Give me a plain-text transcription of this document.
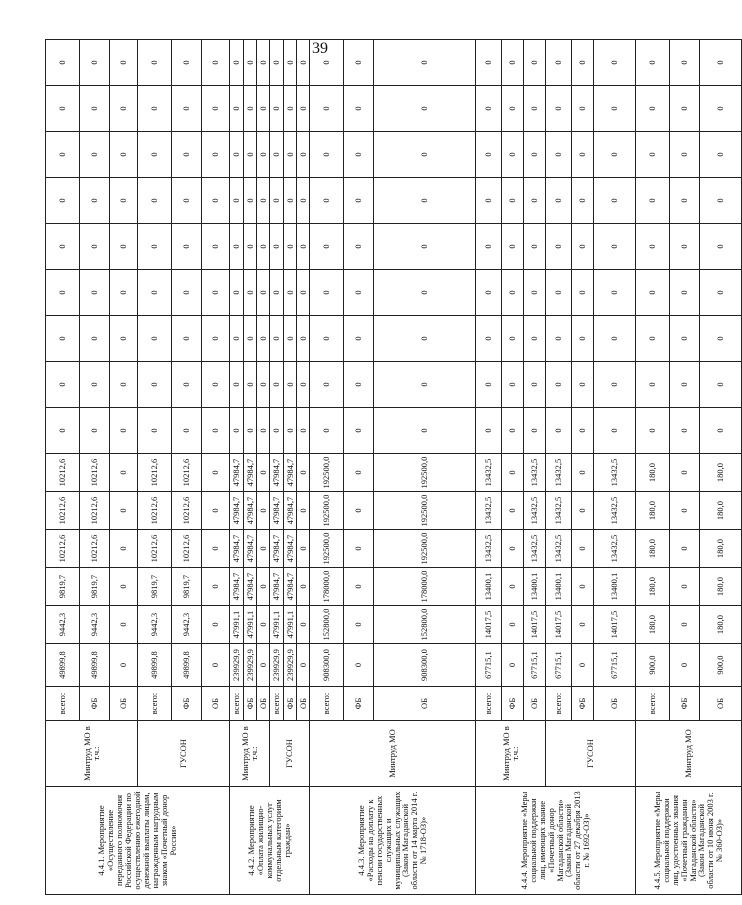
39
4.4.1. Мероприятие «Осуществление переданного полномочия Российской Федерации по осуществлению ежегодной денежной выплаты лицам, награжденным нагрудным знаком «Почетный донор России»	Минтруд МО в т.ч.:	всего:	49899,8	9442,3	9819,7	10212,6	10212,6	10212,6	0	0	0	0	0	0	0	0	0
		ФБ	49899,8	9442,3	9819,7	10212,6	10212,6	10212,6	0	0	0	0	0	0	0	0	0
		ОБ	0	0	0	0	0	0	0	0	0	0	0	0	0	0	0
	ГУСОН	всего:	49899,8	9442,3	9819,7	10212,6	10212,6	10212,6	0	0	0	0	0	0	0	0	0
		ФБ	49899,8	9442,3	9819,7	10212,6	10212,6	10212,6	0	0	0	0	0	0	0	0	0
		ОБ	0	0	0	0	0	0	0	0	0	0	0	0	0	0	0
4.4.2. Мероприятие «Оплата жилищно-коммунальных услуг отдельным категориям граждан»	Минтруд МО в т.ч.:	всего:	239929,9	47991,1	47984,7	47984,7	47984,7	47984,7	0	0	0	0	0	0	0	0	0
		ФБ	239929,9	47991,1	47984,7	47984,7	47984,7	47984,7	0	0	0	0	0	0	0	0	0
		ОБ	0	0	0	0	0	0	0	0	0	0	0	0	0	0	0
	ГУСОН	всего:	239929,9	47991,1	47984,7	47984,7	47984,7	47984,7	0	0	0	0	0	0	0	0	0
		ФБ	239929,9	47991,1	47984,7	47984,7	47984,7	47984,7	0	0	0	0	0	0	0	0	0
		ОБ	0	0	0	0	0	0	0	0	0	0	0	0	0	0	0
4.4.3. Мероприятие «Расходы на доплату к пенсии государственных служащих и муниципальных служащих (Закон Магаданской области от 14 марта 2014 г. № 1718-ОЗ)»	Минтруд МО	всего:	908300,0	152800,0	178000,0	192500,0	192500,0	192500,0	0	0	0	0	0	0	0	0	0
		ФБ	0	0	0	0	0	0	0	0	0	0	0	0	0	0	0
		ОБ	908300,0	152800,0	178000,0	192500,0	192500,0	192500,0	0	0	0	0	0	0	0	0	0
4.4.4. Мероприятие «Меры социальной поддержки лиц, имеющих звание «Почетный донор Магаданской области» (Закон Магаданской области от 27 декабря 2013 г. № 1692-ОЗ)»	Минтруд МО в т.ч.:	всего:	67715,1	14017,5	13400,1	13432,5	13432,5	13432,5	0	0	0	0	0	0	0	0	0
		ФБ	0	0	0	0	0	0	0	0	0	0	0	0	0	0	0
		ОБ	67715,1	14017,5	13400,1	13432,5	13432,5	13432,5	0	0	0	0	0	0	0	0	0
	ГУСОН	всего:	67715,1	14017,5	13400,1	13432,5	13432,5	13432,5	0	0	0	0	0	0	0	0	0
		ФБ	0	0	0	0	0	0	0	0	0	0	0	0	0	0	0
		ОБ	67715,1	14017,5	13400,1	13432,5	13432,5	13432,5	0	0	0	0	0	0	0	0	0
4.4.5. Мероприятие «Меры социальной поддержки лиц, удостоенных звания «Почетный гражданин Магаданской области» (Закон Магаданской области от 10 июня 2003 г. № 360-ОЗ)»	Минтруд МО	всего:	900,0	180,0	180,0	180,0	180,0	180,0	0	0	0	0	0	0	0	0	0
		ФБ	0	0	0	0	0	0	0	0	0	0	0	0	0	0	0
		ОБ	900,0	180,0	180,0	180,0	180,0	180,0	0	0	0	0	0	0	0	0	0
